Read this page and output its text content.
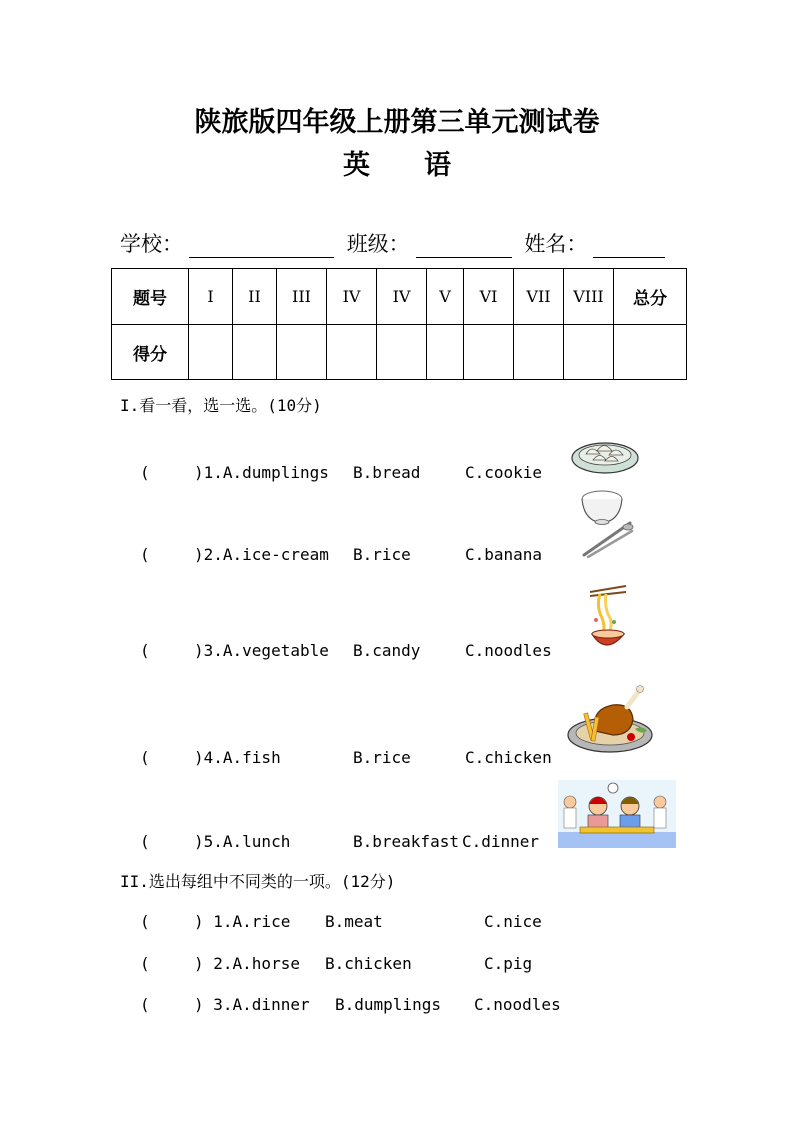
陕旅版四年级上册第三单元测试卷
英　　语
学校：	班级：	姓名：
题号	I	II	III	IV	IV	V	VI	VII	VIII	总分
得分										
I.看一看，选一选。(10分)
(	)1.A.dumplings B.bread	C.cookie
(	)2.A.ice-cream B.rice	C.banana
(	)3.A.vegetable B.candy	C.noodles
(	)4.A.fish	B.rice	C.chicken
(	)5.A.lunch	B.breakfast C.dinner
II.选出每组中不同类的一项。(12分)
(	) 1.A.rice B.meat	C.nice
(	) 2.A.horse B.chicken	C.pig
(	) 3.A.dinner B.dumplings C.noodles
